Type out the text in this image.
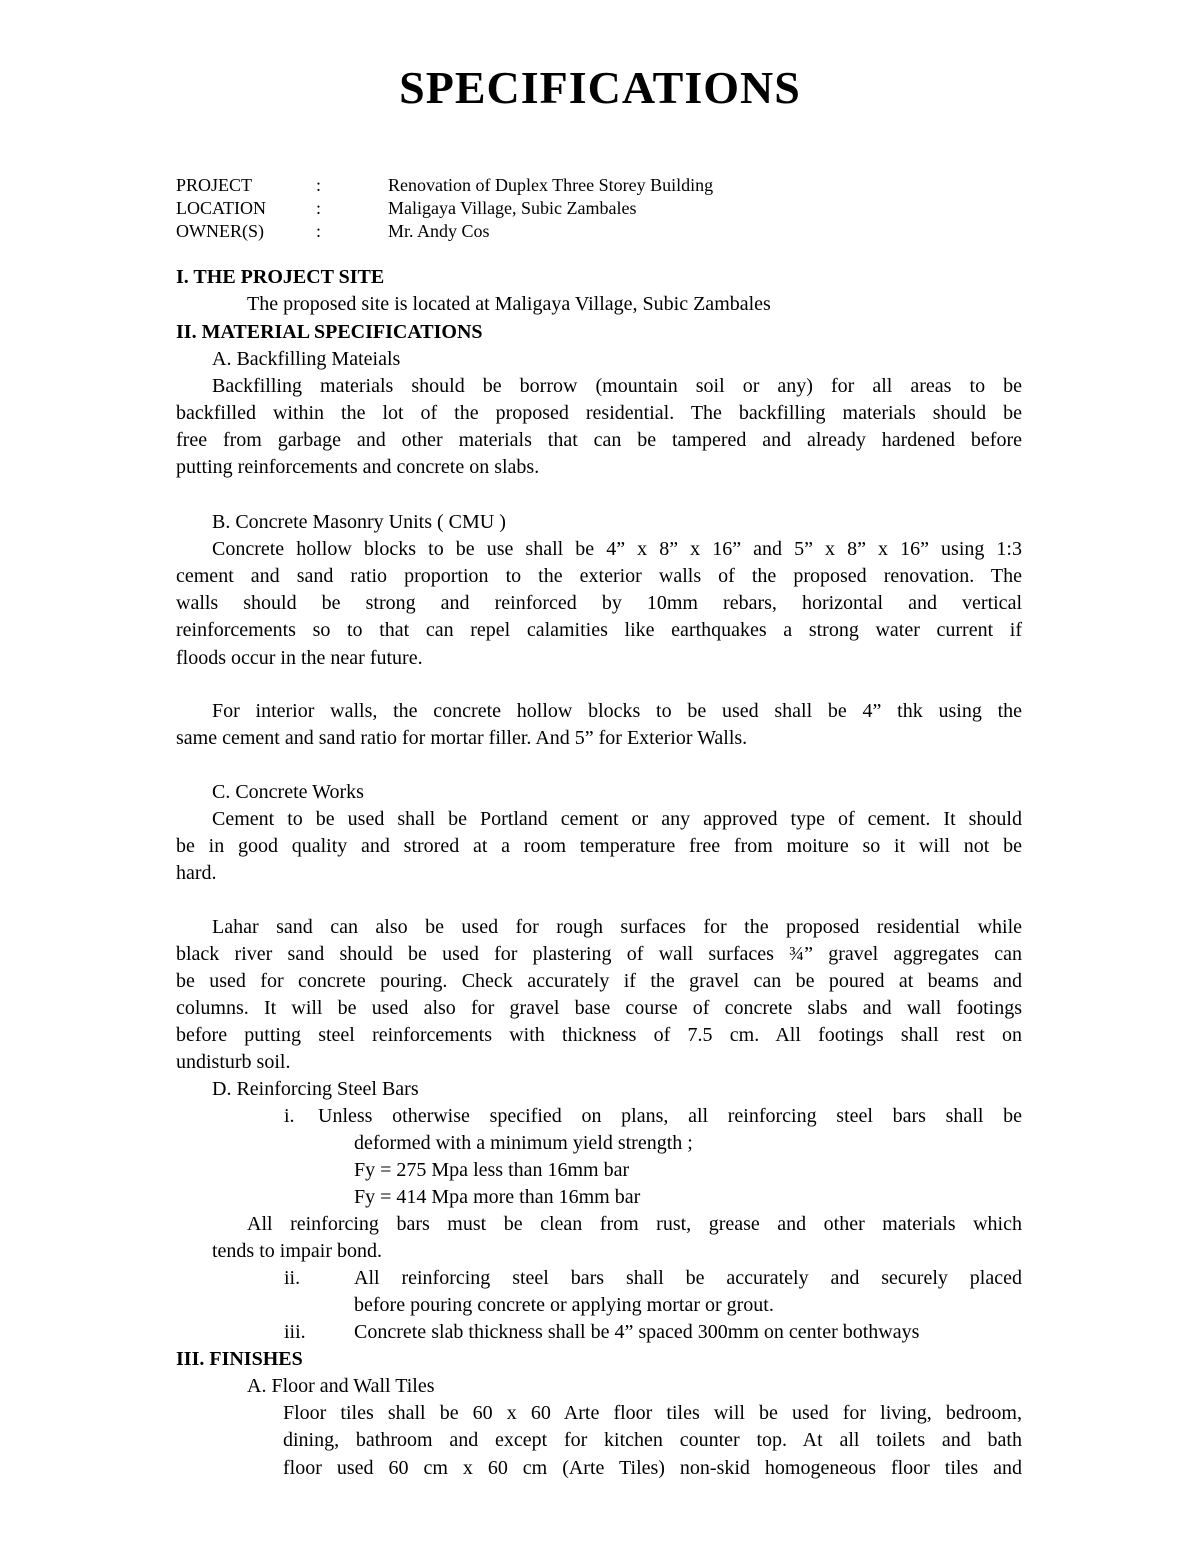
SPECIFICATIONS
PROJECT	:	Renovation of Duplex Three Storey Building
LOCATION	:	Maligaya Village, Subic Zambales
OWNER(S)	:	Mr. Andy Cos
I. THE PROJECT SITE
The proposed site is located at Maligaya Village, Subic Zambales
II. MATERIAL SPECIFICATIONS
A. Backfilling Mateials
Backfilling materials should be borrow (mountain soil or any) for all areas to be
backfilled within the lot of the proposed residential. The backfilling materials should be
free from garbage and other materials that can be tampered and already hardened before
putting reinforcements and concrete on slabs.
B. Concrete Masonry Units ( CMU )
Concrete hollow blocks to be use shall be 4” x 8” x 16” and 5” x 8” x 16” using 1:3
cement and sand ratio proportion to the exterior walls of the proposed renovation. The
walls should be strong and reinforced by 10mm rebars, horizontal and vertical
reinforcements so to that can repel calamities like earthquakes a strong water current if
floods occur in the near future.
For interior walls, the concrete hollow blocks to be used shall be 4” thk using the
same cement and sand ratio for mortar filler. And 5” for Exterior Walls.
C. Concrete Works
Cement to be used shall be Portland cement or any approved type of cement. It should
be in good quality and strored at a room temperature free from moiture so it will not be
hard.
Lahar sand can also be used for rough surfaces for the proposed residential while
black river sand should be used for plastering of wall surfaces ¾” gravel aggregates can
be used for concrete pouring. Check accurately if the gravel can be poured at beams and
columns. It will be used also for gravel base course of concrete slabs and wall footings
before putting steel reinforcements with thickness of 7.5 cm. All footings shall rest on
undisturb soil.
D. Reinforcing Steel Bars
i. Unless otherwise specified on plans, all reinforcing steel bars shall be
deformed with a minimum yield strength ;
Fy = 275 Mpa less than 16mm bar
Fy = 414 Mpa more than 16mm bar
All reinforcing bars must be clean from rust, grease and other materials which
tends to impair bond.
ii.	All reinforcing steel bars shall be accurately and securely placed
before pouring concrete or applying mortar or grout.
iii. Concrete slab thickness shall be 4” spaced 300mm on center bothways
III. FINISHES
A. Floor and Wall Tiles
Floor tiles shall be 60 x 60 Arte floor tiles will be used for living, bedroom,
dining, bathroom and except for kitchen counter top. At all toilets and bath
floor used 60 cm x 60 cm (Arte Tiles) non-skid homogeneous floor tiles and
